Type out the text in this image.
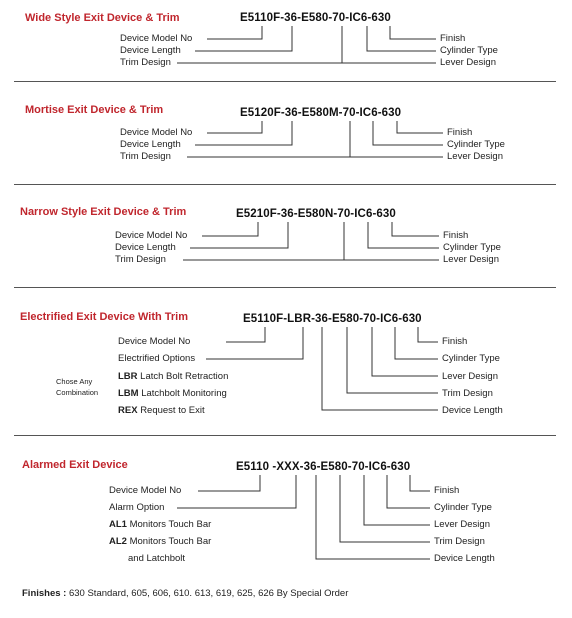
Wide Style Exit Device & Trim	E5110F-36-E580-70-IC6-630
Device Model No
Device Length
Trim Design
Finish
Cylinder Type
Lever Design
Mortise Exit Device & Trim	E5120F-36-E580M-70-IC6-630
Device Model No
Device Length
Trim Design
Finish
Cylinder Type
Lever Design
Narrow Style Exit Device & Trim	E5210F-36-E580N-70-IC6-630
Device Model No
Device Length
Trim Design
Finish
Cylinder Type
Lever Design
Electrified Exit Device With Trim	E5110F-LBR-36-E580-70-IC6-630
Device Model No
Electrified Options
Chose Any
Combination
LBR Latch Bolt Retraction
LBM Latchbolt Monitoring
REX Request to Exit
Finish
Cylinder Type
Lever Design
Trim Design
Device Length
Alarmed Exit Device	E5110 -XXX-36-E580-70-IC6-630
Device Model No
Alarm Option
AL1 Monitors Touch Bar
AL2 Monitors Touch Bar
and Latchbolt
Finish
Cylinder Type
Lever Design
Trim Design
Device Length
Finishes : 630 Standard, 605, 606, 610. 613, 619, 625, 626 By Special Order
